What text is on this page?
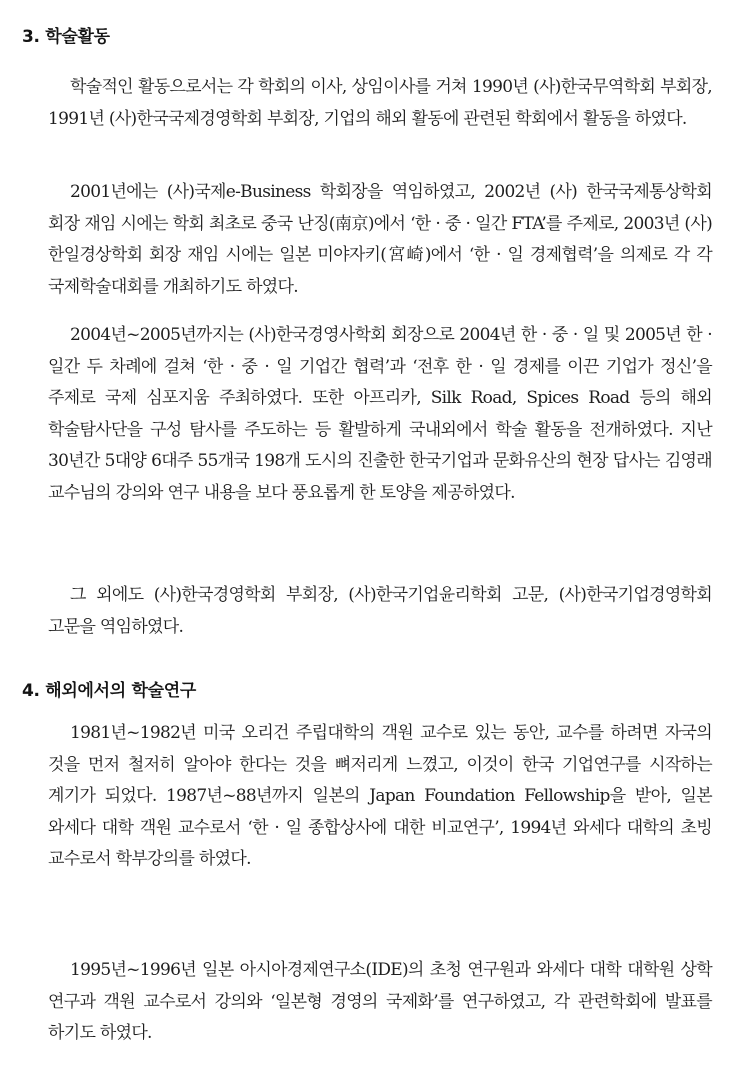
3. 학술활동

학술적인 활동으로서는 각 학회의 이사, 상임이사를 거쳐 1990년 (사)한국무역학회 부회장, 1991년 (사)한국국제경영학회 부회장, 기업의 해외 활동에 관련된 학회에서 활동을 하였다.

2001년에는 (사)국제e-Business 학회장을 역임하였고, 2002년 (사) 한국국제통상학회 회장 재임 시에는 학회 최초로 중국 난징(南京)에서 ‘한 · 중 · 일간 FTA’를 주제로, 2003년 (사)한일경상학회 회장 재임 시에는 일본 미야자키(宮崎)에서 ‘한 · 일 경제협력’을 의제로 각 각 국제학술대회를 개최하기도 하였다.

2004년~2005년까지는 (사)한국경영사학회 회장으로 2004년 한 · 중 · 일 및 2005년 한 · 일간 두 차례에 걸쳐 ‘한 · 중 · 일 기업간 협력’과 ‘전후 한 · 일 경제를 이끈 기업가 정신’을 주제로 국제 심포지움 주최하였다. 또한 아프리카, Silk Road, Spices Road 등의 해외 학술탐사단을 구성 탐사를 주도하는 등 활발하게 국내외에서 학술 활동을 전개하였다. 지난 30년간 5대양 6대주 55개국 198개 도시의 진출한 한국기업과 문화유산의 현장 답사는 김영래 교수님의 강의와 연구 내용을 보다 풍요롭게 한 토양을 제공하였다.

그 외에도 (사)한국경영학회 부회장, (사)한국기업윤리학회 고문, (사)한국기업경영학회 고문을 역임하였다.

4. 해외에서의 학술연구

1981년~1982년 미국 오리건 주립대학의 객원 교수로 있는 동안, 교수를 하려면 자국의 것을 먼저 철저히 알아야 한다는 것을 뼈저리게 느꼈고, 이것이 한국 기업연구를 시작하는 계기가 되었다. 1987년~88년까지 일본의 Japan Foundation Fellowship을 받아, 일본 와세다 대학 객원 교수로서 ‘한 · 일 종합상사에 대한 비교연구’, 1994년 와세다 대학의 초빙 교수로서 학부강의를 하였다.

1995년~1996년 일본 아시아경제연구소(IDE)의 초청 연구원과 와세다 대학 대학원 상학 연구과 객원 교수로서 강의와 ‘일본형 경영의 국제화’를 연구하였고, 각 관련학회에 발표를 하기도 하였다.
